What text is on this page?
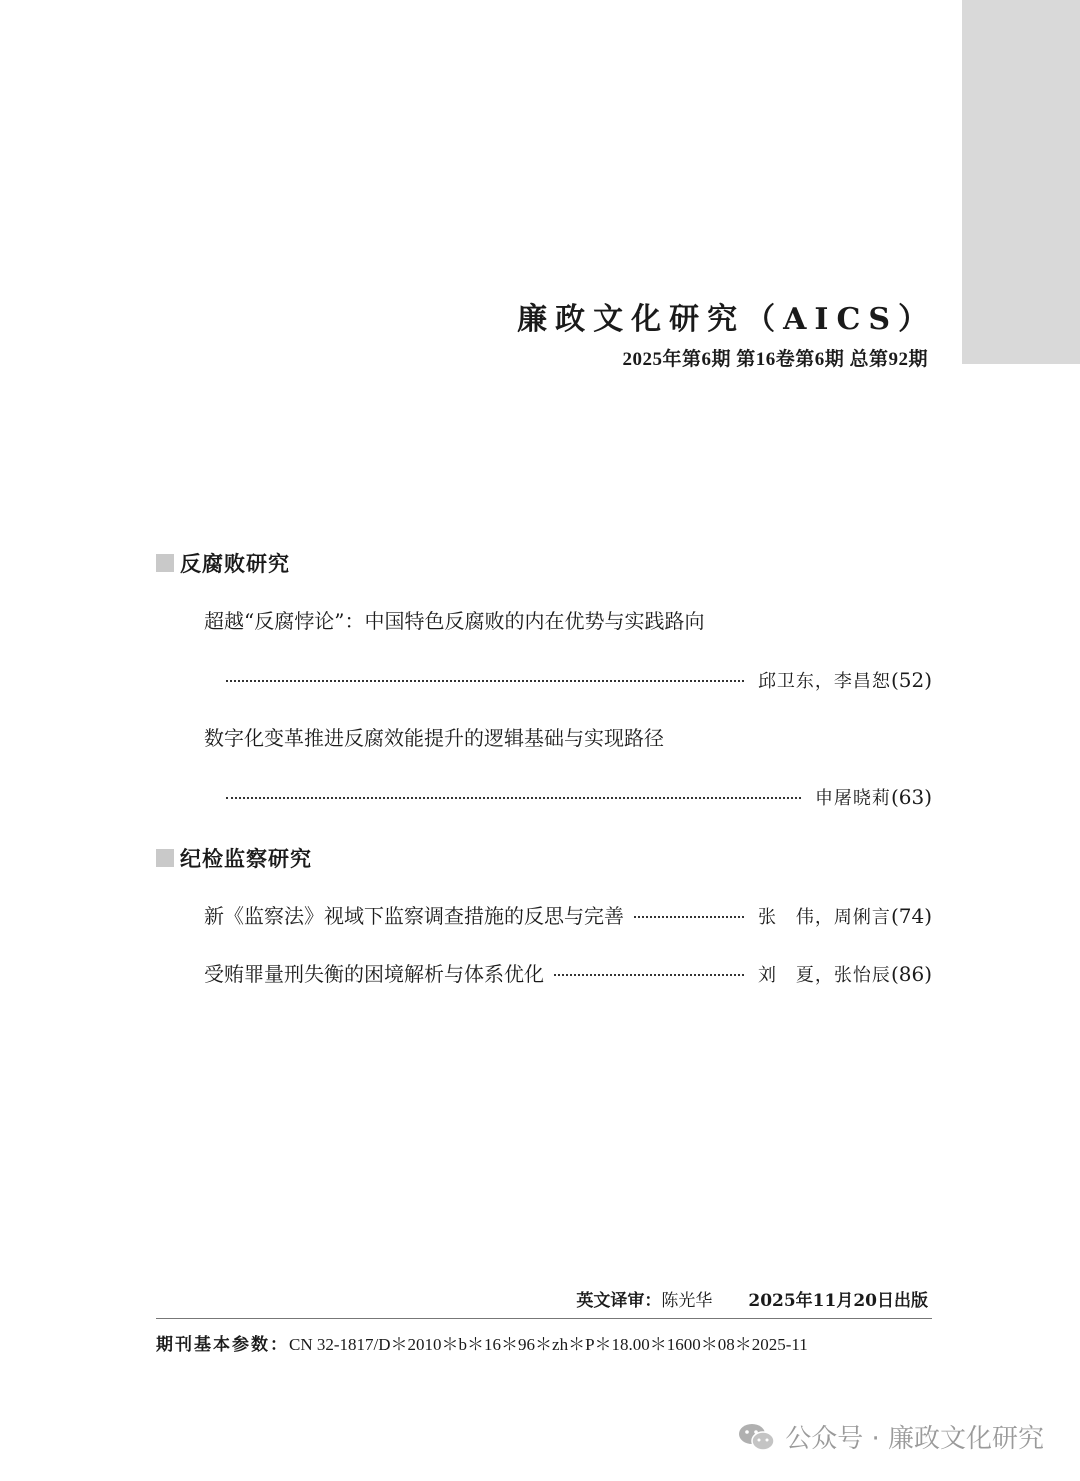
廉政文化研究（AICS）
2025年第6期 第16卷第6期 总第92期
反腐败研究
超越“反腐悖论”：中国特色反腐败的内在优势与实践路向
邱卫东，李昌恕 (52)
数字化变革推进反腐效能提升的逻辑基础与实现路径
申屠晓莉 (63)
纪检监察研究
新《监察法》视域下监察调查措施的反思与完善	张　伟，周俐言 (74)
受贿罪量刑失衡的困境解析与体系优化	刘　夏，张怡辰 (86)
英文译审：陈光华 2025年11月20日出版
期刊基本参数：CN 32-1817/D＊2010＊b＊16＊96＊zh＊P＊18.00＊1600＊08＊2025-11
公众号 · 廉政文化研究
